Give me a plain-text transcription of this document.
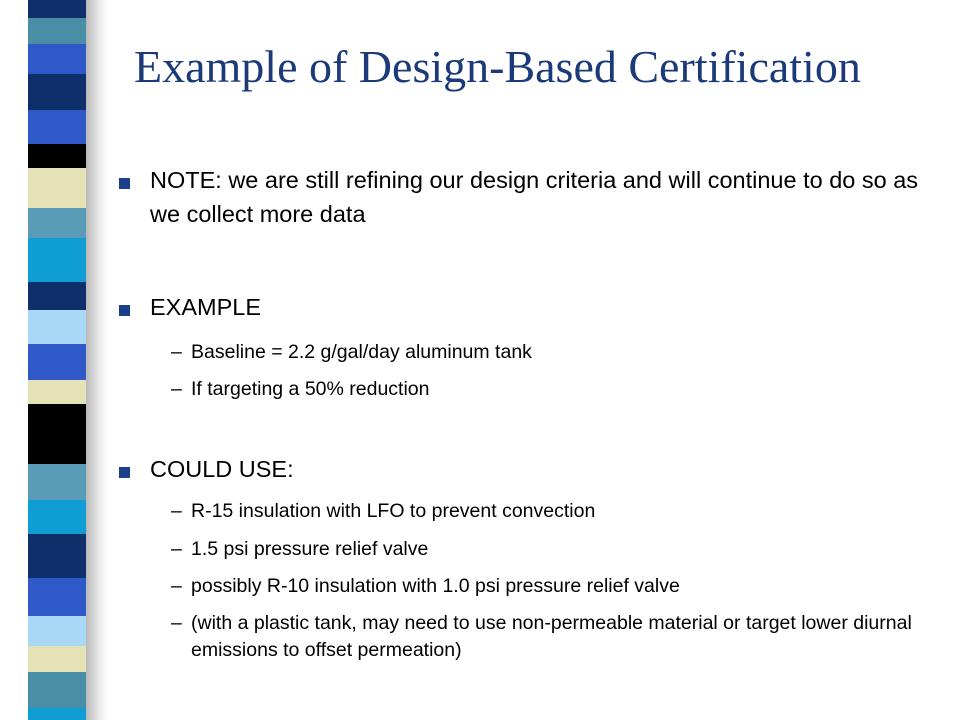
Example of Design-Based Certification
NOTE: we are still refining our design criteria and will continue to do so as we collect more data
EXAMPLE
– Baseline = 2.2 g/gal/day aluminum tank
– If targeting a 50% reduction
COULD USE:
– R-15 insulation with LFO to prevent convection
– 1.5 psi pressure relief valve
– possibly R-10 insulation with 1.0 psi pressure relief valve
– (with a plastic tank, may need to use non-permeable material or target lower diurnal emissions to offset permeation)
